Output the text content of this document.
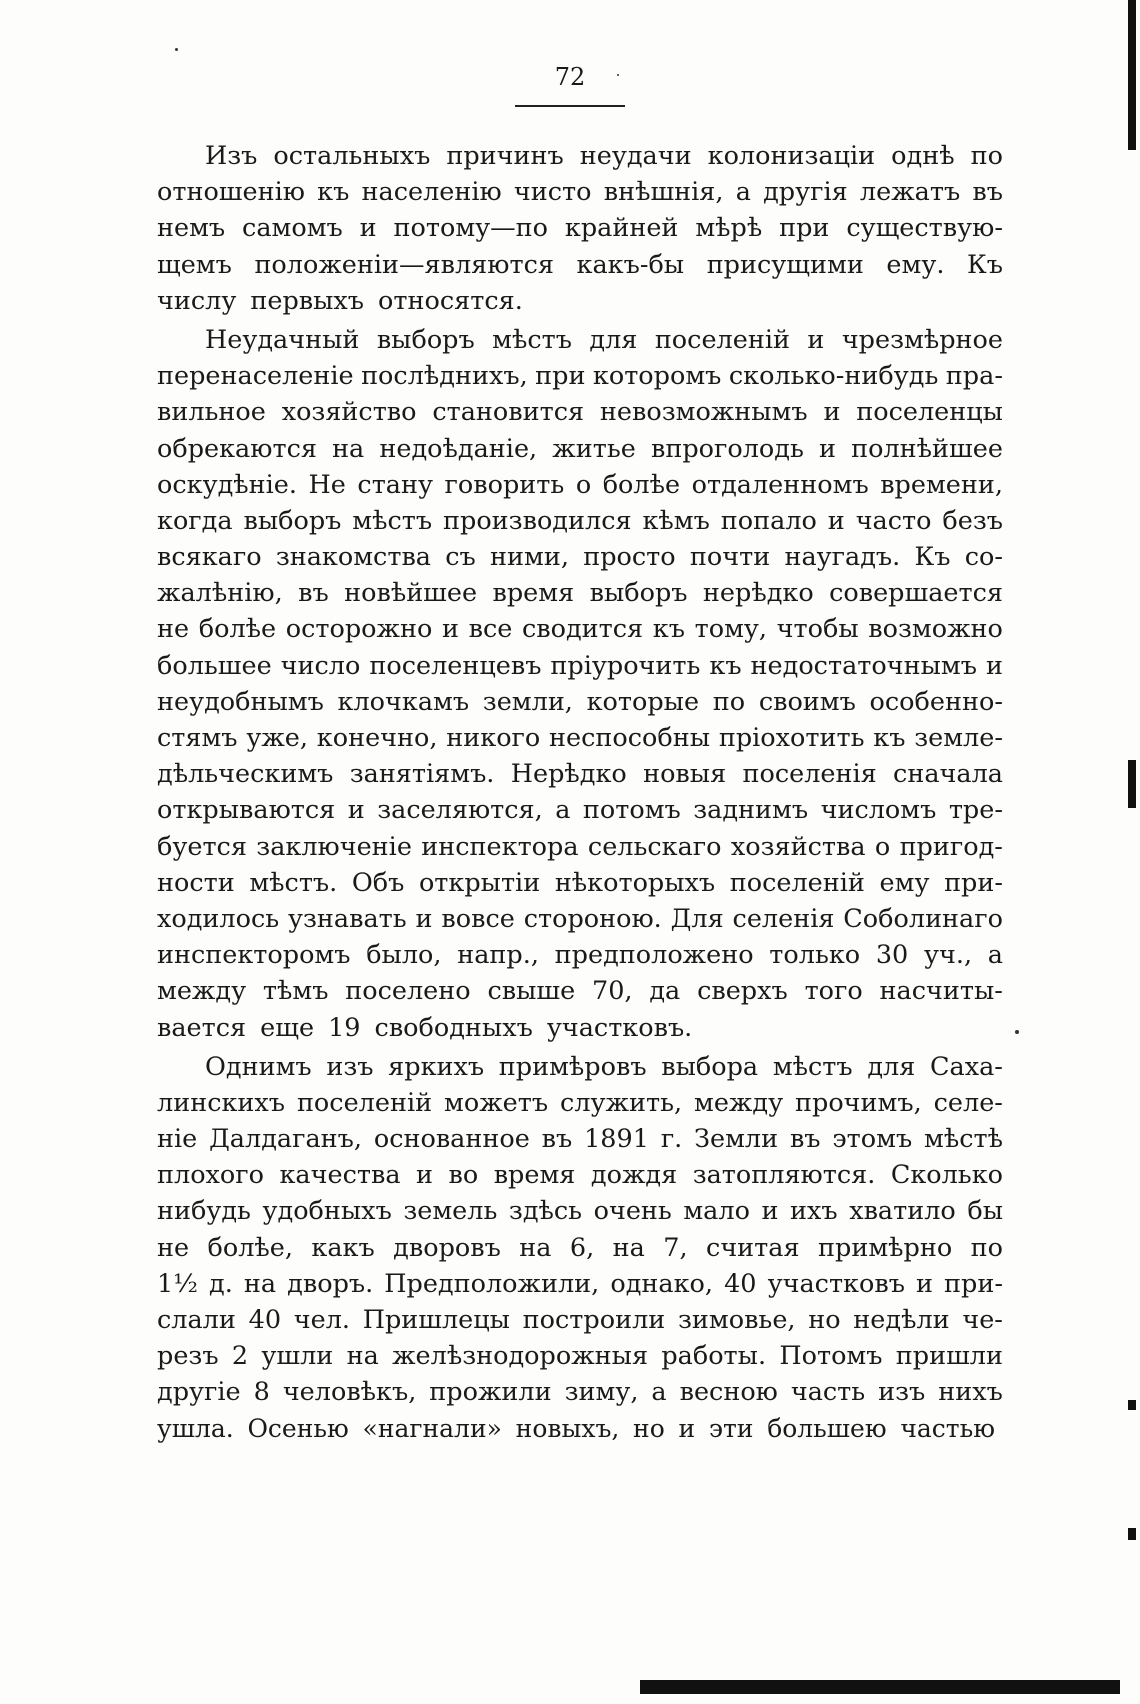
72
Изъ остальныхъ причинъ неудачи колонизаціи однѣ по
отношенію къ населенію чисто внѣшнія, а другія лежатъ въ
немъ самомъ и потому—по крайней мѣрѣ при существую-
щемъ положеніи—являются какъ-бы присущими ему. Къ
числу первыхъ относятся.
Неудачный выборъ мѣстъ для поселеній и чрезмѣрное
перенаселеніе послѣднихъ, при которомъ сколько-нибудь пра-
вильное хозяйство становится невозможнымъ и поселенцы
обрекаются на недоѣданіе, житье впроголодь и полнѣйшее
оскудѣніе. Не стану говорить о болѣе отдаленномъ времени,
когда выборъ мѣстъ производился кѣмъ попало и часто безъ
всякаго знакомства съ ними, просто почти наугадъ. Къ со-
жалѣнію, въ новѣйшее время выборъ нерѣдко совершается
не болѣе осторожно и все сводится къ тому, чтобы возможно
большее число поселенцевъ пріурочить къ недостаточнымъ и
неудобнымъ клочкамъ земли, которые по своимъ особенно-
стямъ уже, конечно, никого неспособны пріохотить къ земле-
дѣльческимъ занятіямъ. Нерѣдко новыя поселенія сначала
открываются и заселяются, а потомъ заднимъ числомъ тре-
буется заключеніе инспектора сельскаго хозяйства о пригод-
ности мѣстъ. Объ открытіи нѣкоторыхъ поселеній ему при-
ходилось узнавать и вовсе стороною. Для селенія Соболинаго
инспекторомъ было, напр., предположено только 30 уч., а
между тѣмъ поселено свыше 70, да сверхъ того насчиты-
вается еще 19 свободныхъ участковъ.
Однимъ изъ яркихъ примѣровъ выбора мѣстъ для Саха-
линскихъ поселеній можетъ служить, между прочимъ, селе-
ніе Далдаганъ, основанное въ 1891 г. Земли въ этомъ мѣстѣ
плохого качества и во время дождя затопляются. Сколько
нибудь удобныхъ земель здѣсь очень мало и ихъ хватило бы
не болѣе, какъ дворовъ на 6, на 7, считая примѣрно по
1½ д. на дворъ. Предположили, однако, 40 участковъ и при-
слали 40 чел. Пришлецы построили зимовье, но недѣли че-
резъ 2 ушли на желѣзнодорожныя работы. Потомъ пришли
другіе 8 человѣкъ, прожили зиму, а весною часть изъ нихъ
ушла. Осенью «нагнали» новыхъ, но и эти большею частью
